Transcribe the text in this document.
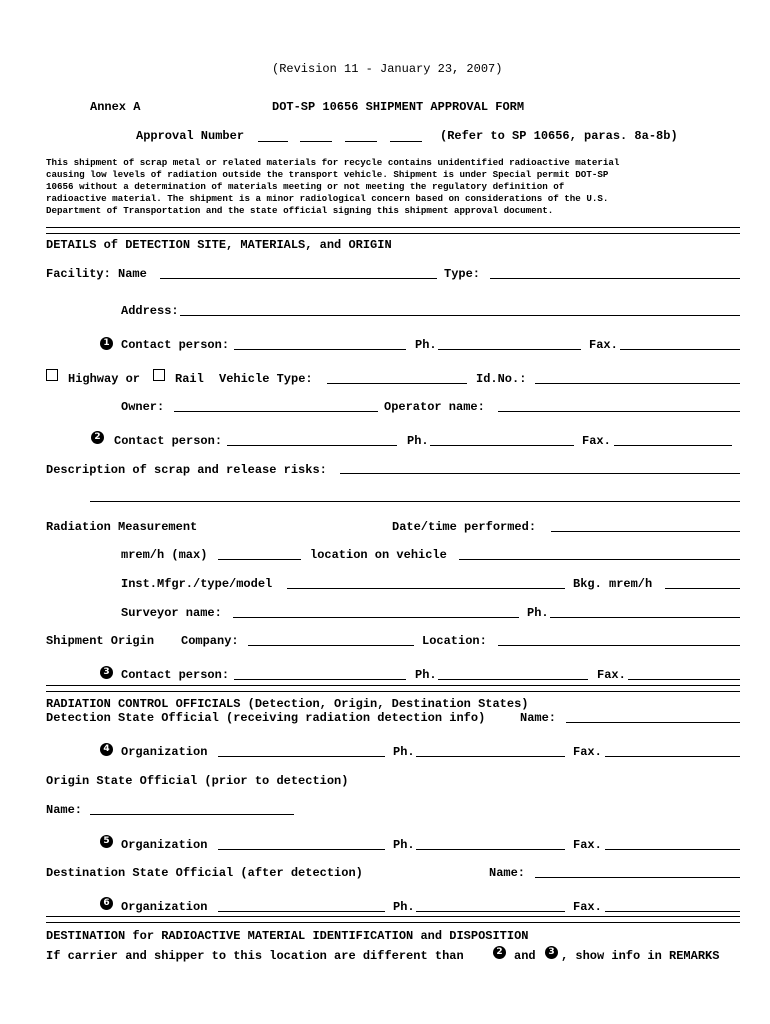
(Revision 11 - January 23, 2007)
Annex A	DOT-SP 10656 SHIPMENT APPROVAL FORM
Approval Number	(Refer to SP 10656, paras. 8a-8b)
This shipment of scrap metal or related materials for recycle contains unidentified radioactive material
causing low levels of radiation outside the transport vehicle. Shipment is under Special permit DOT-SP
10656 without a determination of materials meeting or not meeting the regulatory definition of
radioactive material. The shipment is a minor radiological concern based on considerations of the U.S.
Department of Transportation and the state official signing this shipment approval document.
DETAILS of DETECTION SITE, MATERIALS, and ORIGIN
Facility: Name	Type:
Address:
1 Contact person:	Ph.	Fax.
Highway or	Rail Vehicle Type:	Id.No.:
Owner:	Operator name:
2 Contact person:	Ph.	Fax.
Description of scrap and release risks:
Radiation Measurement	Date/time performed:
mrem/h (max)	location on vehicle
Inst.Mfgr./type/model	Bkg. mrem/h
Surveyor name:	Ph.
Shipment Origin Company:	Location:
3 Contact person:	Ph.	Fax.
RADIATION CONTROL OFFICIALS (Detection, Origin, Destination States)
Detection State Official (receiving radiation detection info)	Name:
4 Organization	Ph.	Fax.
Origin State Official (prior to detection)
Name:
5 Organization	Ph.	Fax.
Destination State Official (after detection)	Name:
6 Organization	Ph.	Fax.
DESTINATION for RADIOACTIVE MATERIAL IDENTIFICATION and DISPOSITION
If carrier and shipper to this location are different than	2 and	3 , show info in REMARKS
